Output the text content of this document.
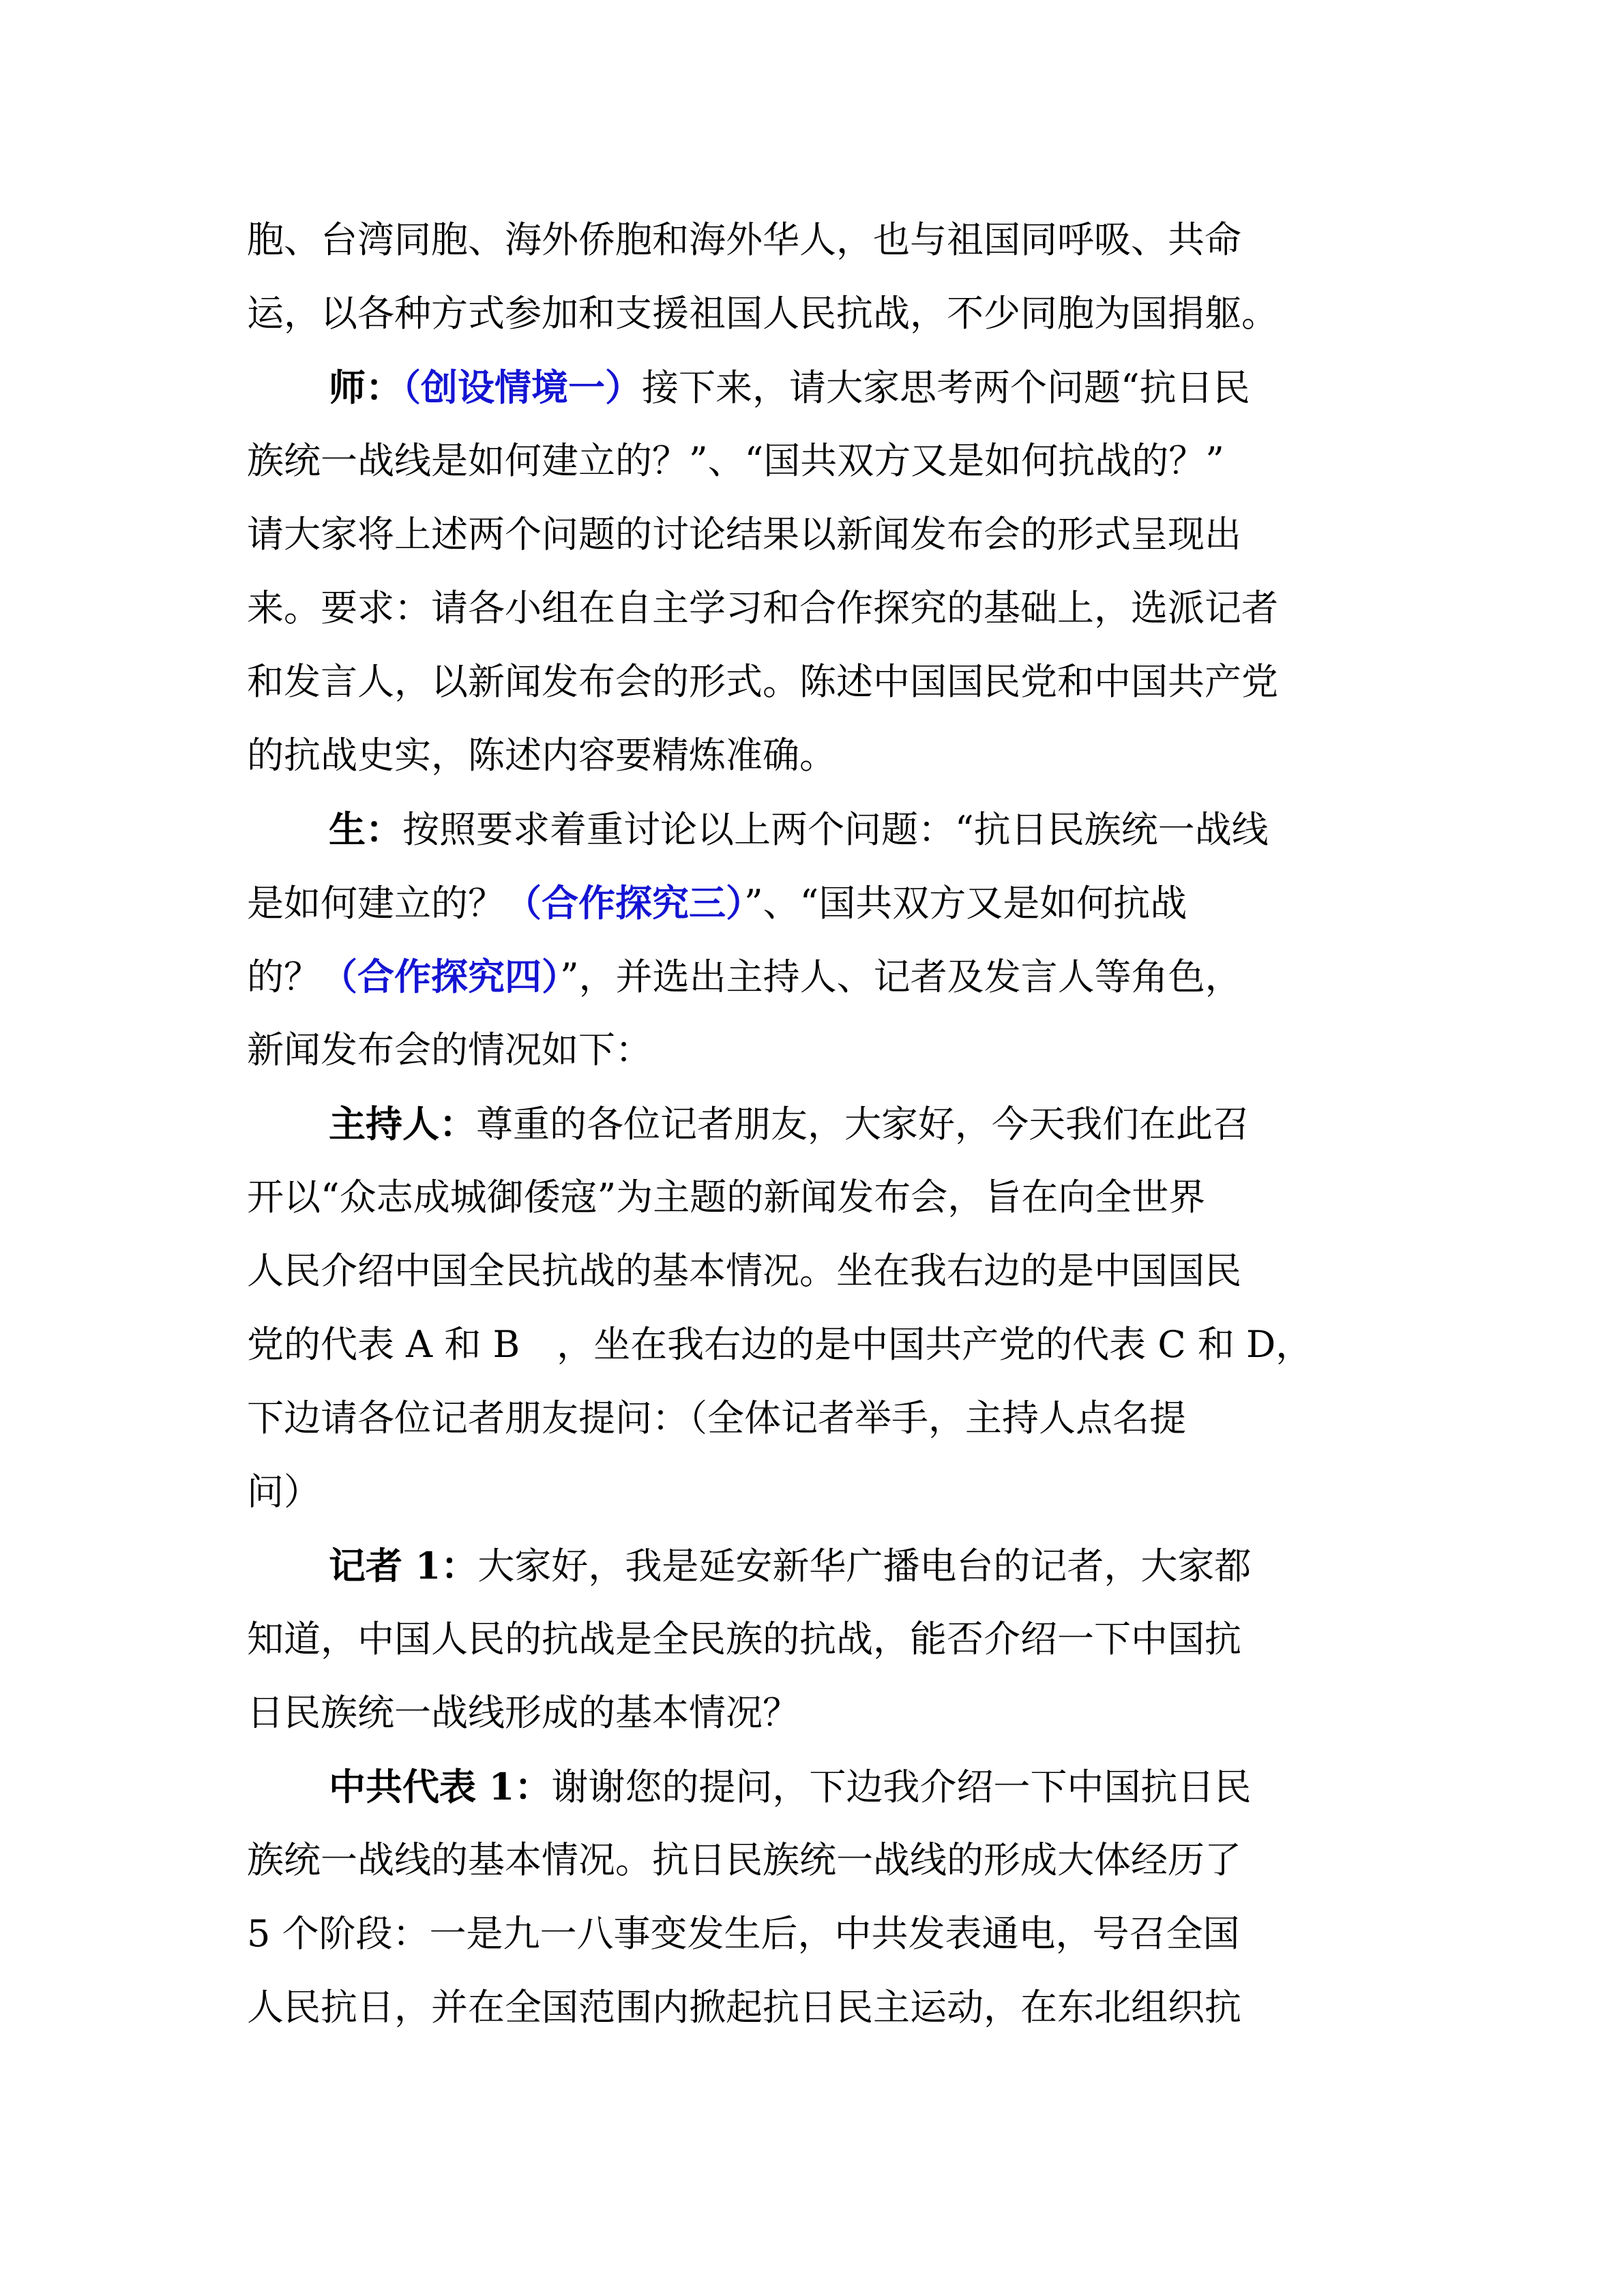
胞、台湾同胞、海外侨胞和海外华人，也与祖国同呼吸、共命
运，以各种方式参加和支援祖国人民抗战，不少同胞为国捐躯。
师：（创设情境一）接下来，请大家思考两个问题“抗日民
族统一战线是如何建立的？”、“国共双方又是如何抗战的？”
请大家将上述两个问题的讨论结果以新闻发布会的形式呈现出
来。要求：请各小组在自主学习和合作探究的基础上，选派记者
和发言人，以新闻发布会的形式。陈述中国国民党和中国共产党
的抗战史实，陈述内容要精炼准确。
生：按照要求着重讨论以上两个问题：“抗日民族统一战线
是如何建立的？（合作探究三）”、“国共双方又是如何抗战
的？（合作探究四）”，并选出主持人、记者及发言人等角色，
新闻发布会的情况如下：
主持人：尊重的各位记者朋友，大家好，今天我们在此召
开以“众志成城御倭寇”为主题的新闻发布会，旨在向全世界
人民介绍中国全民抗战的基本情况。坐在我右边的是中国国民
党的代表 A 和 B　，坐在我右边的是中国共产党的代表 C 和 D，
下边请各位记者朋友提问：（全体记者举手，主持人点名提
问）
记者 1：大家好，我是延安新华广播电台的记者，大家都
知道，中国人民的抗战是全民族的抗战，能否介绍一下中国抗
日民族统一战线形成的基本情况？
中共代表 1：谢谢您的提问，下边我介绍一下中国抗日民
族统一战线的基本情况。抗日民族统一战线的形成大体经历了
5 个阶段：一是九一八事变发生后，中共发表通电，号召全国
人民抗日，并在全国范围内掀起抗日民主运动，在东北组织抗
